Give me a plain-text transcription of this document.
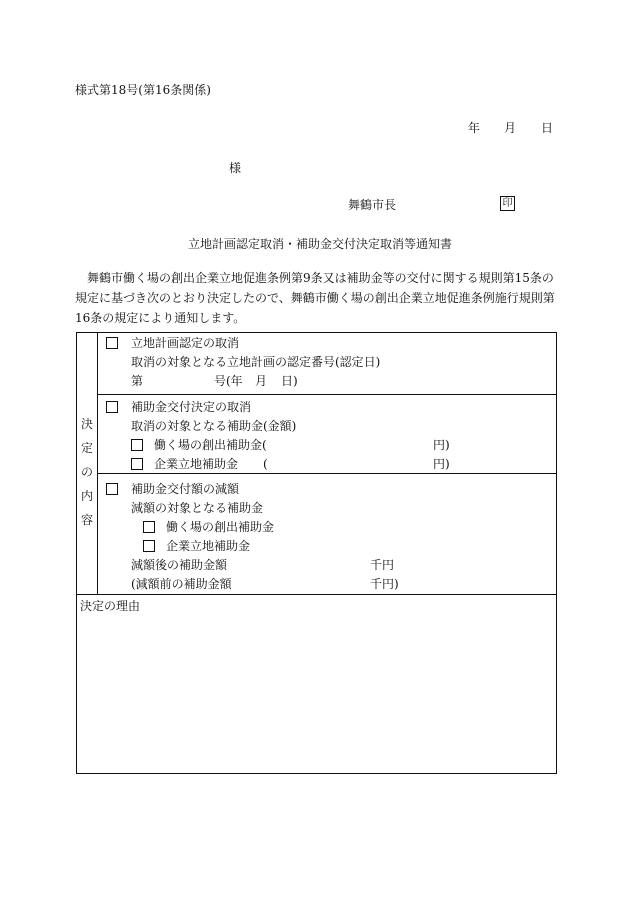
様式第18号(第16条関係)
年 月 日
様
舞鶴市長	印
立地計画認定取消・補助金交付決定取消等通知書

舞鶴市働く場の創出企業立地促進条例第9条又は補助金等の交付に関する規則第15条の

規定に基づき次のとおり決定したので、舞鶴市働く場の創出企業立地促進条例施行規則第

16条の規定により通知します。

決
定
の
内
容
立地計画認定の取消
取消の対象となる立地計画の認定番号(認定日)
第	号(年 月 日)
補助金交付決定の取消
取消の対象となる補助金(金額)
働く場の創出補助金(	円)
企業立地補助金 (	円)
補助金交付額の減額
減額の対象となる補助金
働く場の創出補助金
企業立地補助金
減額後の補助金額	千円
(減額前の補助金額	千円)
決定の理由
